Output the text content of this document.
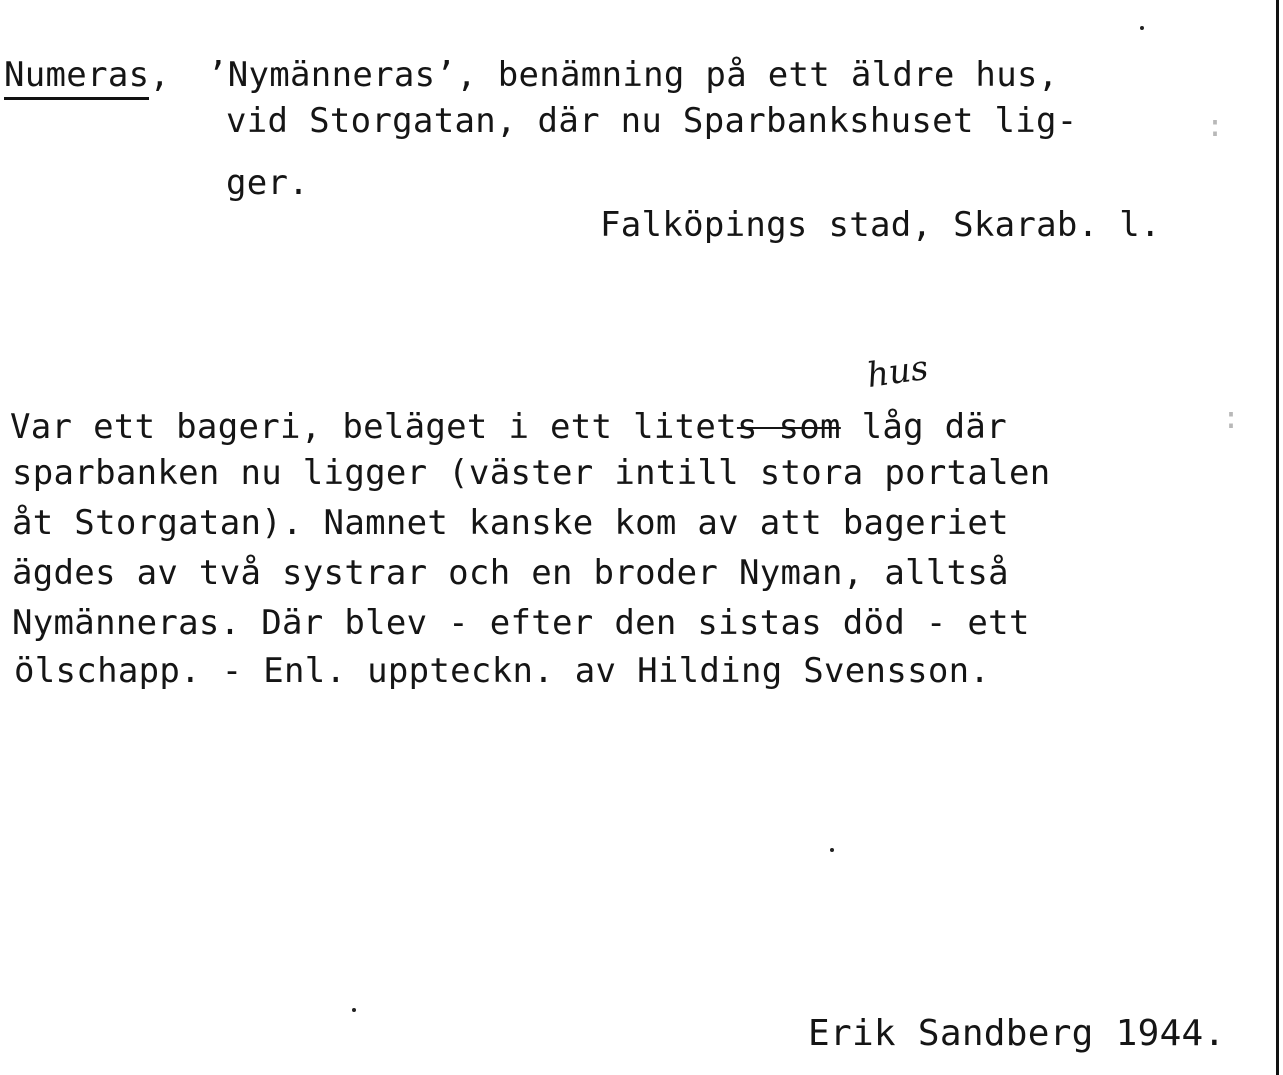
Numeras, ’Nymänneras’, benämning på ett äldre hus,
vid Storgatan, där nu Sparbankshuset lig-
ger.
Falköpings stad, Skarab. l.
hus
Var ett bageri, beläget i ett litets som låg där
sparbanken nu ligger (väster intill stora portalen
åt Storgatan). Namnet kanske kom av att bageriet
ägdes av två systrar och en broder Nyman, alltså
Nymänneras. Där blev - efter den sistas död - ett
ölschapp. - Enl. uppteckn. av Hilding Svensson.
Erik Sandberg 1944.
:
:
